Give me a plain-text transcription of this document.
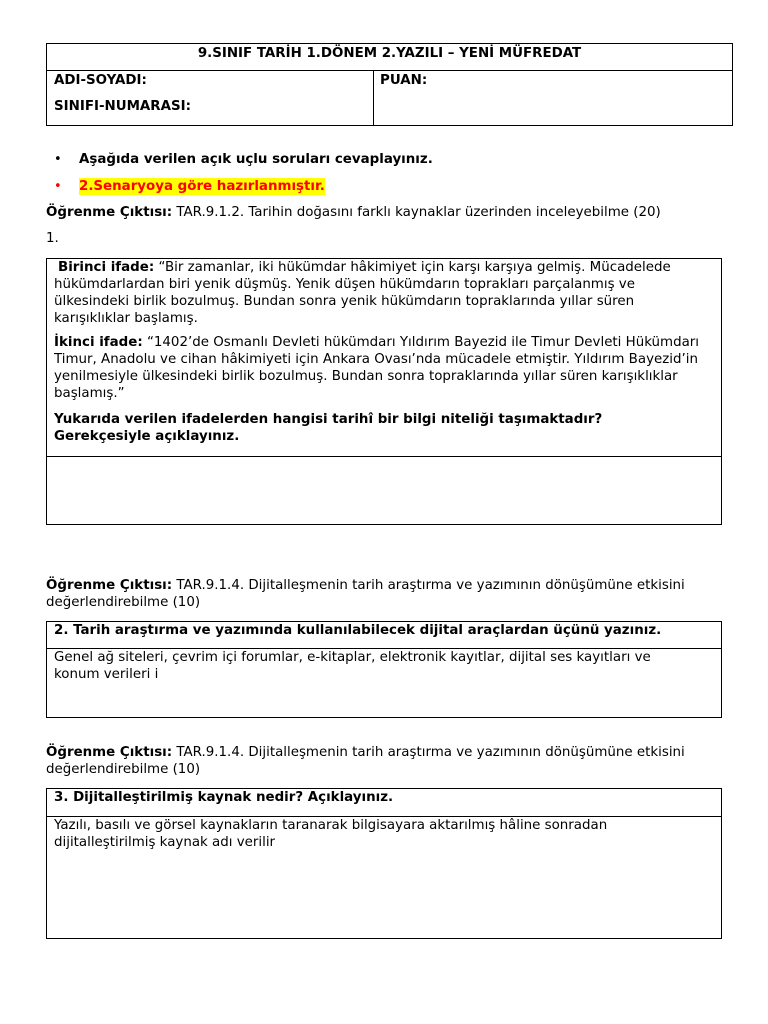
9.SINIF TARİH 1.DÖNEM 2.YAZILI – YENİ MÜFREDAT
ADI-SOYADI:
SINIFI-NUMARASI:
PUAN:
• Aşağıda verilen açık uçlu soruları cevaplayınız.
• 2.Senaryoya göre hazırlanmıştır.
Öğrenme Çıktısı: TAR.9.1.2. Tarihin doğasını farklı kaynaklar üzerinden inceleyebilme (20)
1.

Birinci ifade: “Bir zamanlar, iki hükümdar hâkimiyet için karşı karşıya gelmiş. Mücadelede hükümdarlardan biri yenik düşmüş. Yenik düşen hükümdarın toprakları parçalanmış ve ülkesindeki birlik bozulmuş. Bundan sonra yenik hükümdarın topraklarında yıllar süren karışıklıklar başlamış.

İkinci ifade: “1402’de Osmanlı Devleti hükümdarı Yıldırım Bayezid ile Timur Devleti Hükümdarı Timur, Anadolu ve cihan hâkimiyeti için Ankara Ovası’nda mücadele etmiştir. Yıldırım Bayezid’in yenilmesiyle ülkesindeki birlik bozulmuş. Bundan sonra topraklarında yıllar süren karışıklıklar başlamış.”

Yukarıda verilen ifadelerden hangisi tarihî bir bilgi niteliği taşımaktadır? Gerekçesiyle açıklayınız.

Öğrenme Çıktısı: TAR.9.1.4. Dijitalleşmenin tarih araştırma ve yazımının dönüşümüne etkisini değerlendirebilme (10)

2. Tarih araştırma ve yazımında kullanılabilecek dijital araçlardan üçünü yazınız.

Genel ağ siteleri, çevrim içi forumlar, e-kitaplar, elektronik kayıtlar, dijital ses kayıtları ve konum verileri i

Öğrenme Çıktısı: TAR.9.1.4. Dijitalleşmenin tarih araştırma ve yazımının dönüşümüne etkisini değerlendirebilme (10)

3. Dijitalleştirilmiş kaynak nedir? Açıklayınız.

Yazılı, basılı ve görsel kaynakların taranarak bilgisayara aktarılmış hâline sonradan dijitalleştirilmiş kaynak adı verilir
